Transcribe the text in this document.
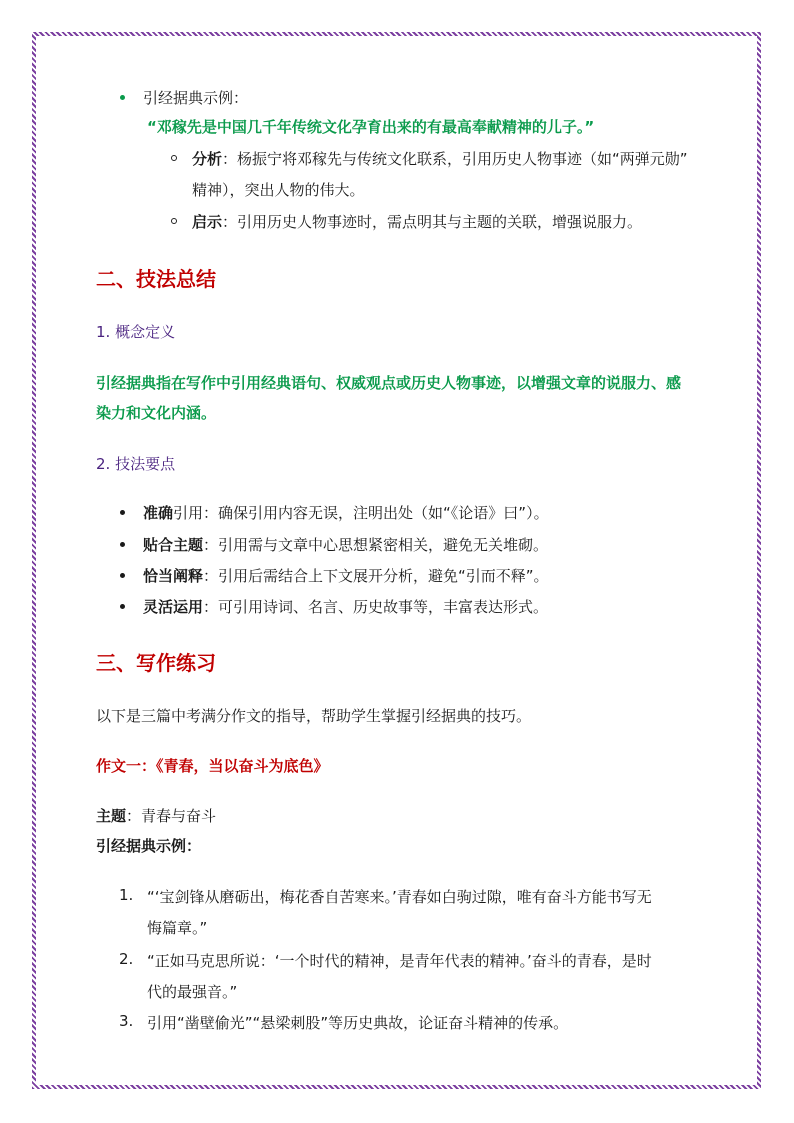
引经据典示例：
“邓稼先是中国几千年传统文化孕育出来的有最高奉献精神的儿子。”
分析：杨振宁将邓稼先与传统文化联系，引用历史人物事迹（如“两弹元勋”
精神），突出人物的伟大。
启示：引用历史人物事迹时，需点明其与主题的关联，增强说服力。
二、技法总结
1. 概念定义
引经据典指在写作中引用经典语句、权威观点或历史人物事迹，以增强文章的说服力、感
染力和文化内涵。
2. 技法要点
准确引用：确保引用内容无误，注明出处（如“《论语》曰”）。
贴合主题：引用需与文章中心思想紧密相关，避免无关堆砌。
恰当阐释：引用后需结合上下文展开分析，避免“引而不释”。
灵活运用：可引用诗词、名言、历史故事等，丰富表达形式。
三、写作练习
以下是三篇中考满分作文的指导，帮助学生掌握引经据典的技巧。
作文一：《青春，当以奋斗为底色》
主题：青春与奋斗
引经据典示例：
1. “‘宝剑锋从磨砺出，梅花香自苦寒来。’青春如白驹过隙，唯有奋斗方能书写无
悔篇章。”
2. “正如马克思所说：‘一个时代的精神，是青年代表的精神。’奋斗的青春，是时
代的最强音。”
3. 引用“凿壁偷光”“悬梁刺股”等历史典故，论证奋斗精神的传承。
